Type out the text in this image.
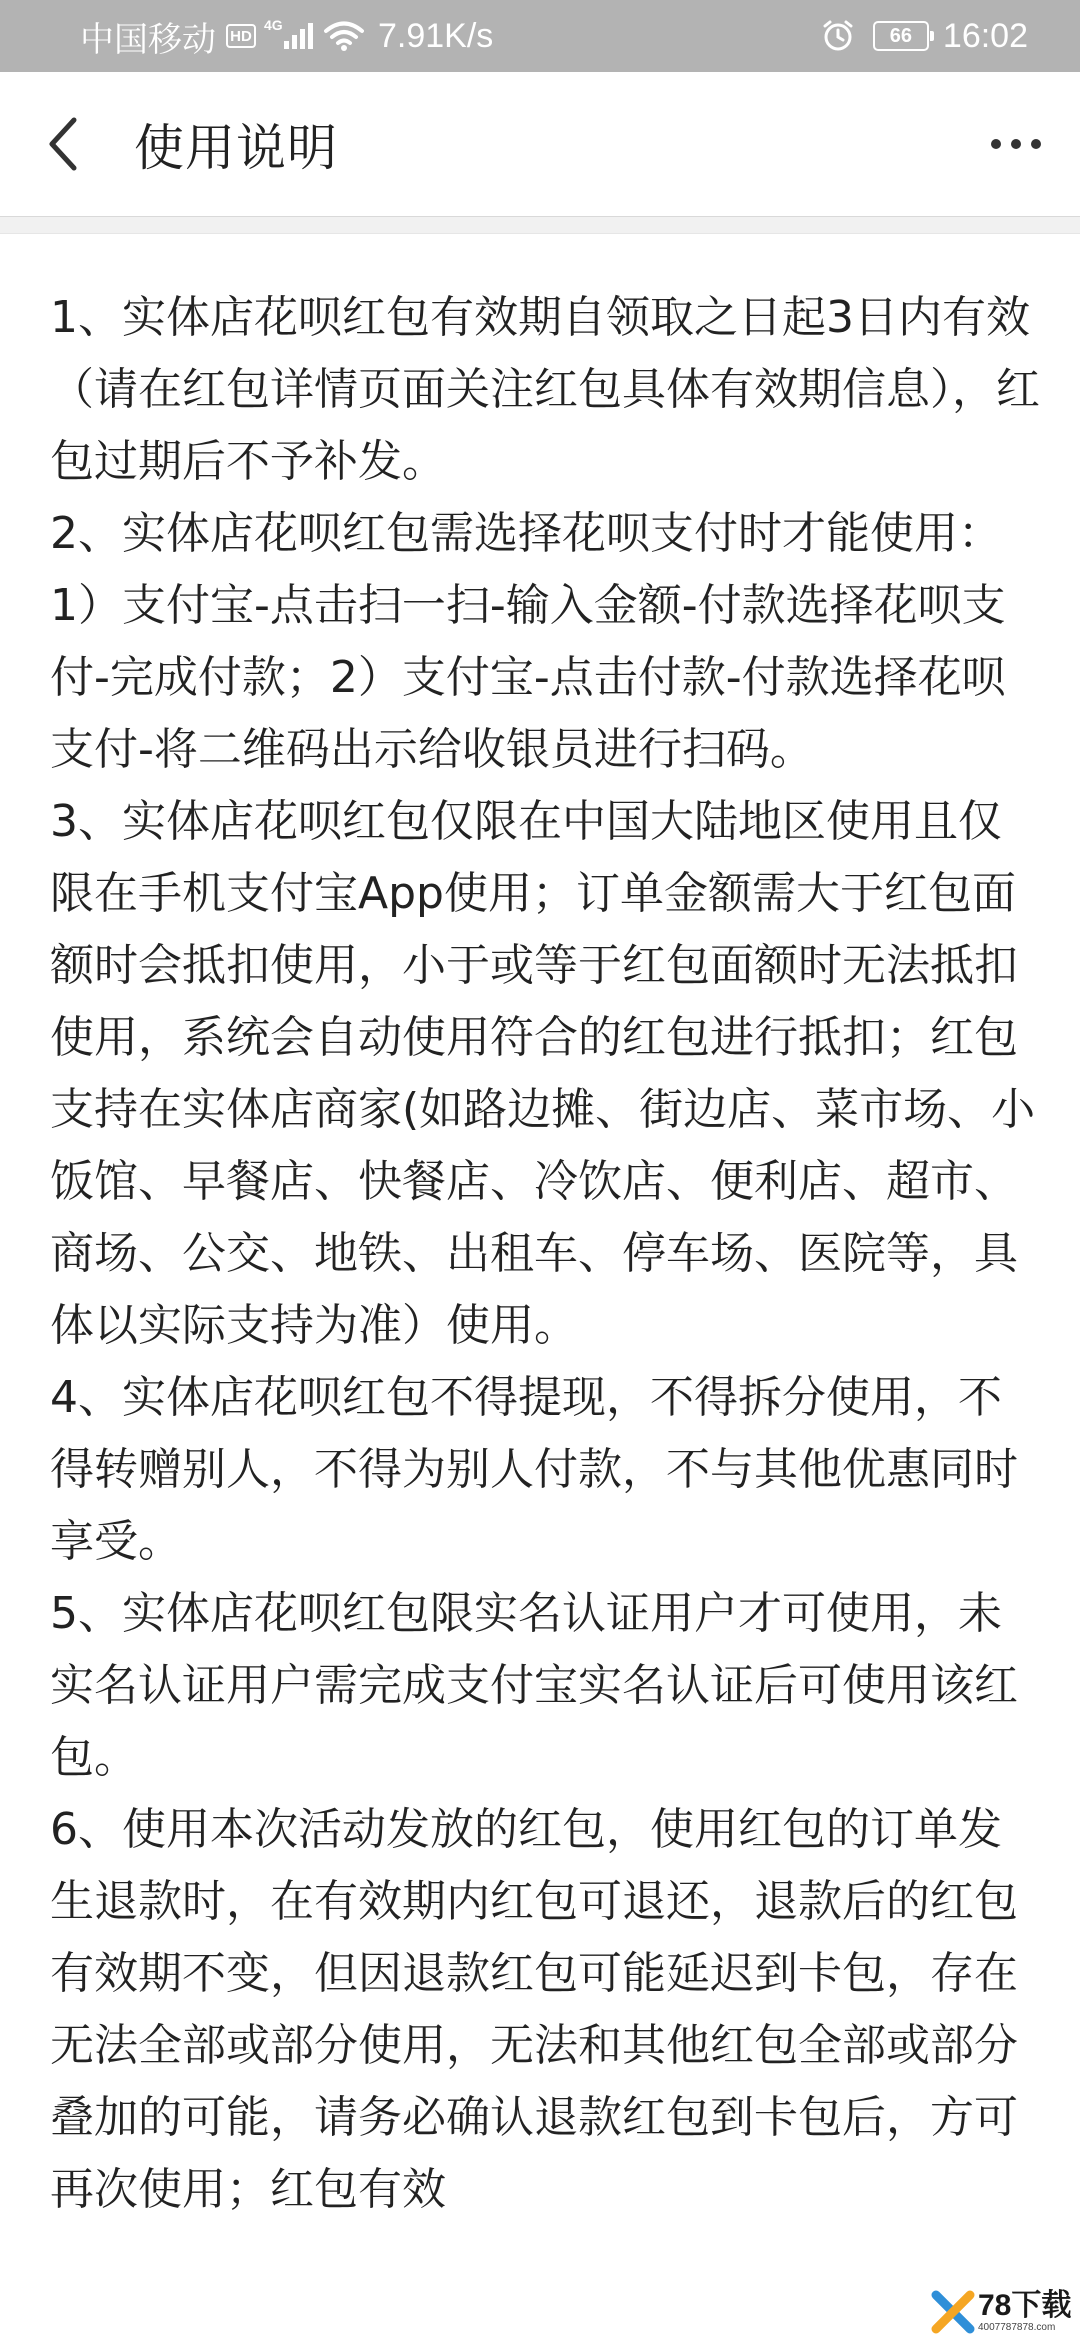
中国移动 HD
4G	7.91K/s	66 16:02
使用说明

1、实体店花呗红包有效期自领取之日起3日内有效（请在红包详情页面关注红包具体有效期信息），红包过期后不予补发。

2、实体店花呗红包需选择花呗支付时才能使用：1）支付宝-点击扫一扫-输入金额-付款选择花呗支付-完成付款；2）支付宝-点击付款-付款选择花呗支付-将二维码出示给收银员进行扫码。

3、实体店花呗红包仅限在中国大陆地区使用且仅限在手机支付宝App使用；订单金额需大于红包面额时会抵扣使用，小于或等于红包面额时无法抵扣使用，系统会自动使用符合的红包进行抵扣；红包支持在实体店商家(如路边摊、街边店、菜市场、小饭馆、早餐店、快餐店、冷饮店、便利店、超市、商场、公交、地铁、出租车、停车场、医院等，具体以实际支持为准）使用。

4、实体店花呗红包不得提现，不得拆分使用，不得转赠别人，不得为别人付款，不与其他优惠同时享受。

5、实体店花呗红包限实名认证用户才可使用，未实名认证用户需完成支付宝实名认证后可使用该红包。

6、使用本次活动发放的红包，使用红包的订单发生退款时，在有效期内红包可退还，退款后的红包有效期不变，但因退款红包可能延迟到卡包，存在无法全部或部分使用，无法和其他红包全部或部分叠加的可能，请务必确认退款红包到卡包后，方可再次使用；红包有效

78下载
4007787878.com
